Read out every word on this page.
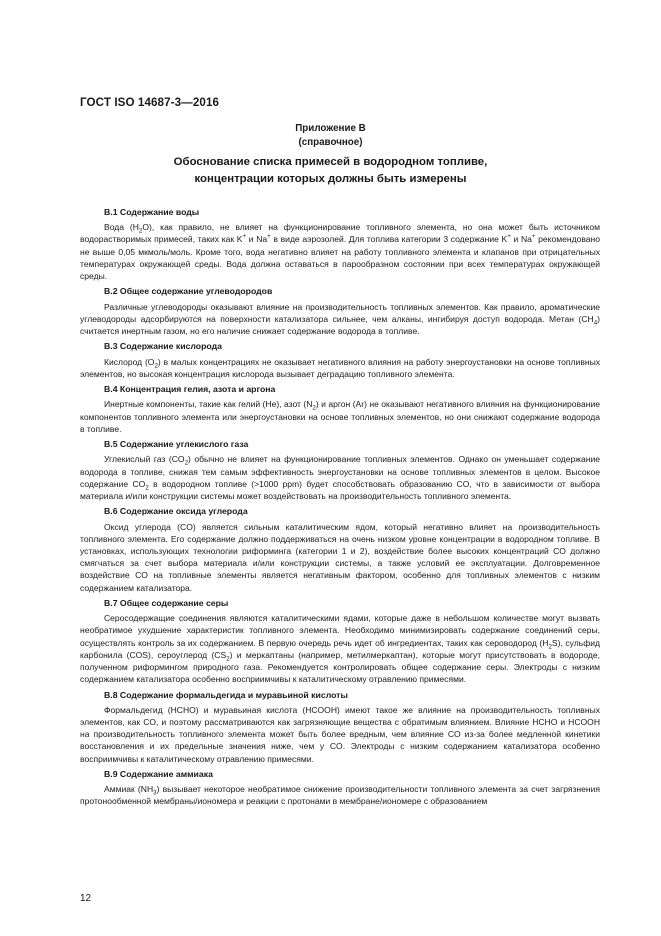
ГОСТ ISO 14687-3—2016
Приложение В
(справочное)
Обоснование списка примесей в водородном топливе,
концентрации которых должны быть измерены
В.1 Содержание воды

Вода $(H_2O)$, как правило, не влияет на функционирование топливного элемента, но она может быть источником водорастворимых примесей, таких как K+ и Na+ в виде аэрозолей. Для топлива категории 3 содержание K+ и Na+ рекомендовано не выше 0,05 мкмоль/моль. Кроме того, вода негативно влияет на работу топливного элемента и клапанов при отрицательных температурах окружающей среды. Вода должна оставаться в парообразном состоянии при всех температурах окружающей среды.

В.2 Общее содержание углеводородов

Различные углеводороды оказывают влияние на производительность топливных элементов. Как правило, ароматические углеводороды адсорбируются на поверхности катализатора сильнее, чем алканы, ингибируя доступ водорода. Метан $(CH_4)$ считается инертным газом, но его наличие снижает содержание водорода в топливе.

В.3 Содержание кислорода

Кислород $(O_2)$ в малых концентрациях не оказывает негативного влияния на работу энергоустановки на основе топливных элементов, но высокая концентрация кислорода вызывает деградацию топливного элемента.

В.4 Концентрация гелия, азота и аргона

Инертные компоненты, такие как гелий (He), азот $(N_2)$ и аргон (Ar) не оказывают негативного влияния на функционирование компонентов топливного элемента или энергоустановки на основе топливных элементов, но они снижают содержание водорода в топливе.

В.5 Содержание углекислого газа

Углекислый газ $(CO_2)$ обычно не влияет на функционирование топливных элементов. Однако он уменьшает содержание водорода в топливе, снижая тем самым эффективность энергоустановки на основе топливных элементов в целом. Высокое содержание $CO_2$ в водородном топливе (>1000 ppm) будет способствовать образованию CO, что в зависимости от выбора материала и/или конструкции системы может воздействовать на производительность топливного элемента.

В.6 Содержание оксида углерода

Оксид углерода (CO) является сильным каталитическим ядом, который негативно влияет на производительность топливного элемента. Его содержание должно поддерживаться на очень низком уровне концентрации в водородном топливе. В установках, использующих технологии риформинга (категории 1 и 2), воздействие более высоких концентраций CO должно смягчаться за счет выбора материала и/или конструкции системы, а также условий ее эксплуатации. Долговременное воздействие CO на топливные элементы является негативным фактором, особенно для топливных элементов с низким содержанием катализатора.

В.7 Общее содержание серы

Серосодержащие соединения являются каталитическими ядами, которые даже в небольшом количестве могут вызвать необратимое ухудшение характеристик топливного элемента. Необходимо минимизировать содержание соединений серы, осуществлять контроль за их содержанием. В первую очередь речь идет об ингредиентах, таких как сероводород $(H_2S)$, сульфид карбонила (COS), сероуглерод $(CS_2)$ и меркаптаны (например, метилмеркаптан), которые могут присутствовать в водороде, полученном риформингом природного газа. Рекомендуется контролировать общее содержание серы. Электроды с низким содержанием катализатора особенно восприимчивы к каталитическому отравлению примесями.

В.8 Содержание формальдегида и муравьиной кислоты

Формальдегид (HCHO) и муравьиная кислота (HCOOH) имеют такое же влияние на производительность топливных элементов, как CO, и поэтому рассматриваются как загрязняющие вещества с обратимым влиянием. Влияние HCHO и HCOOH на производительность топливного элемента может быть более вредным, чем влияние CO из-за более медленной кинетики восстановления и их предельные значения ниже, чем у CO. Электроды с низким содержанием катализатора особенно восприимчивы к каталитическому отравлению примесями.

В.9 Содержание аммиака

Аммиак $(NH_3)$ вызывает некоторое необратимое снижение производительности топливного элемента за счет загрязнения протонообменной мембраны/иономера и реакции с протонами в мембране/иономере с образованием

12
